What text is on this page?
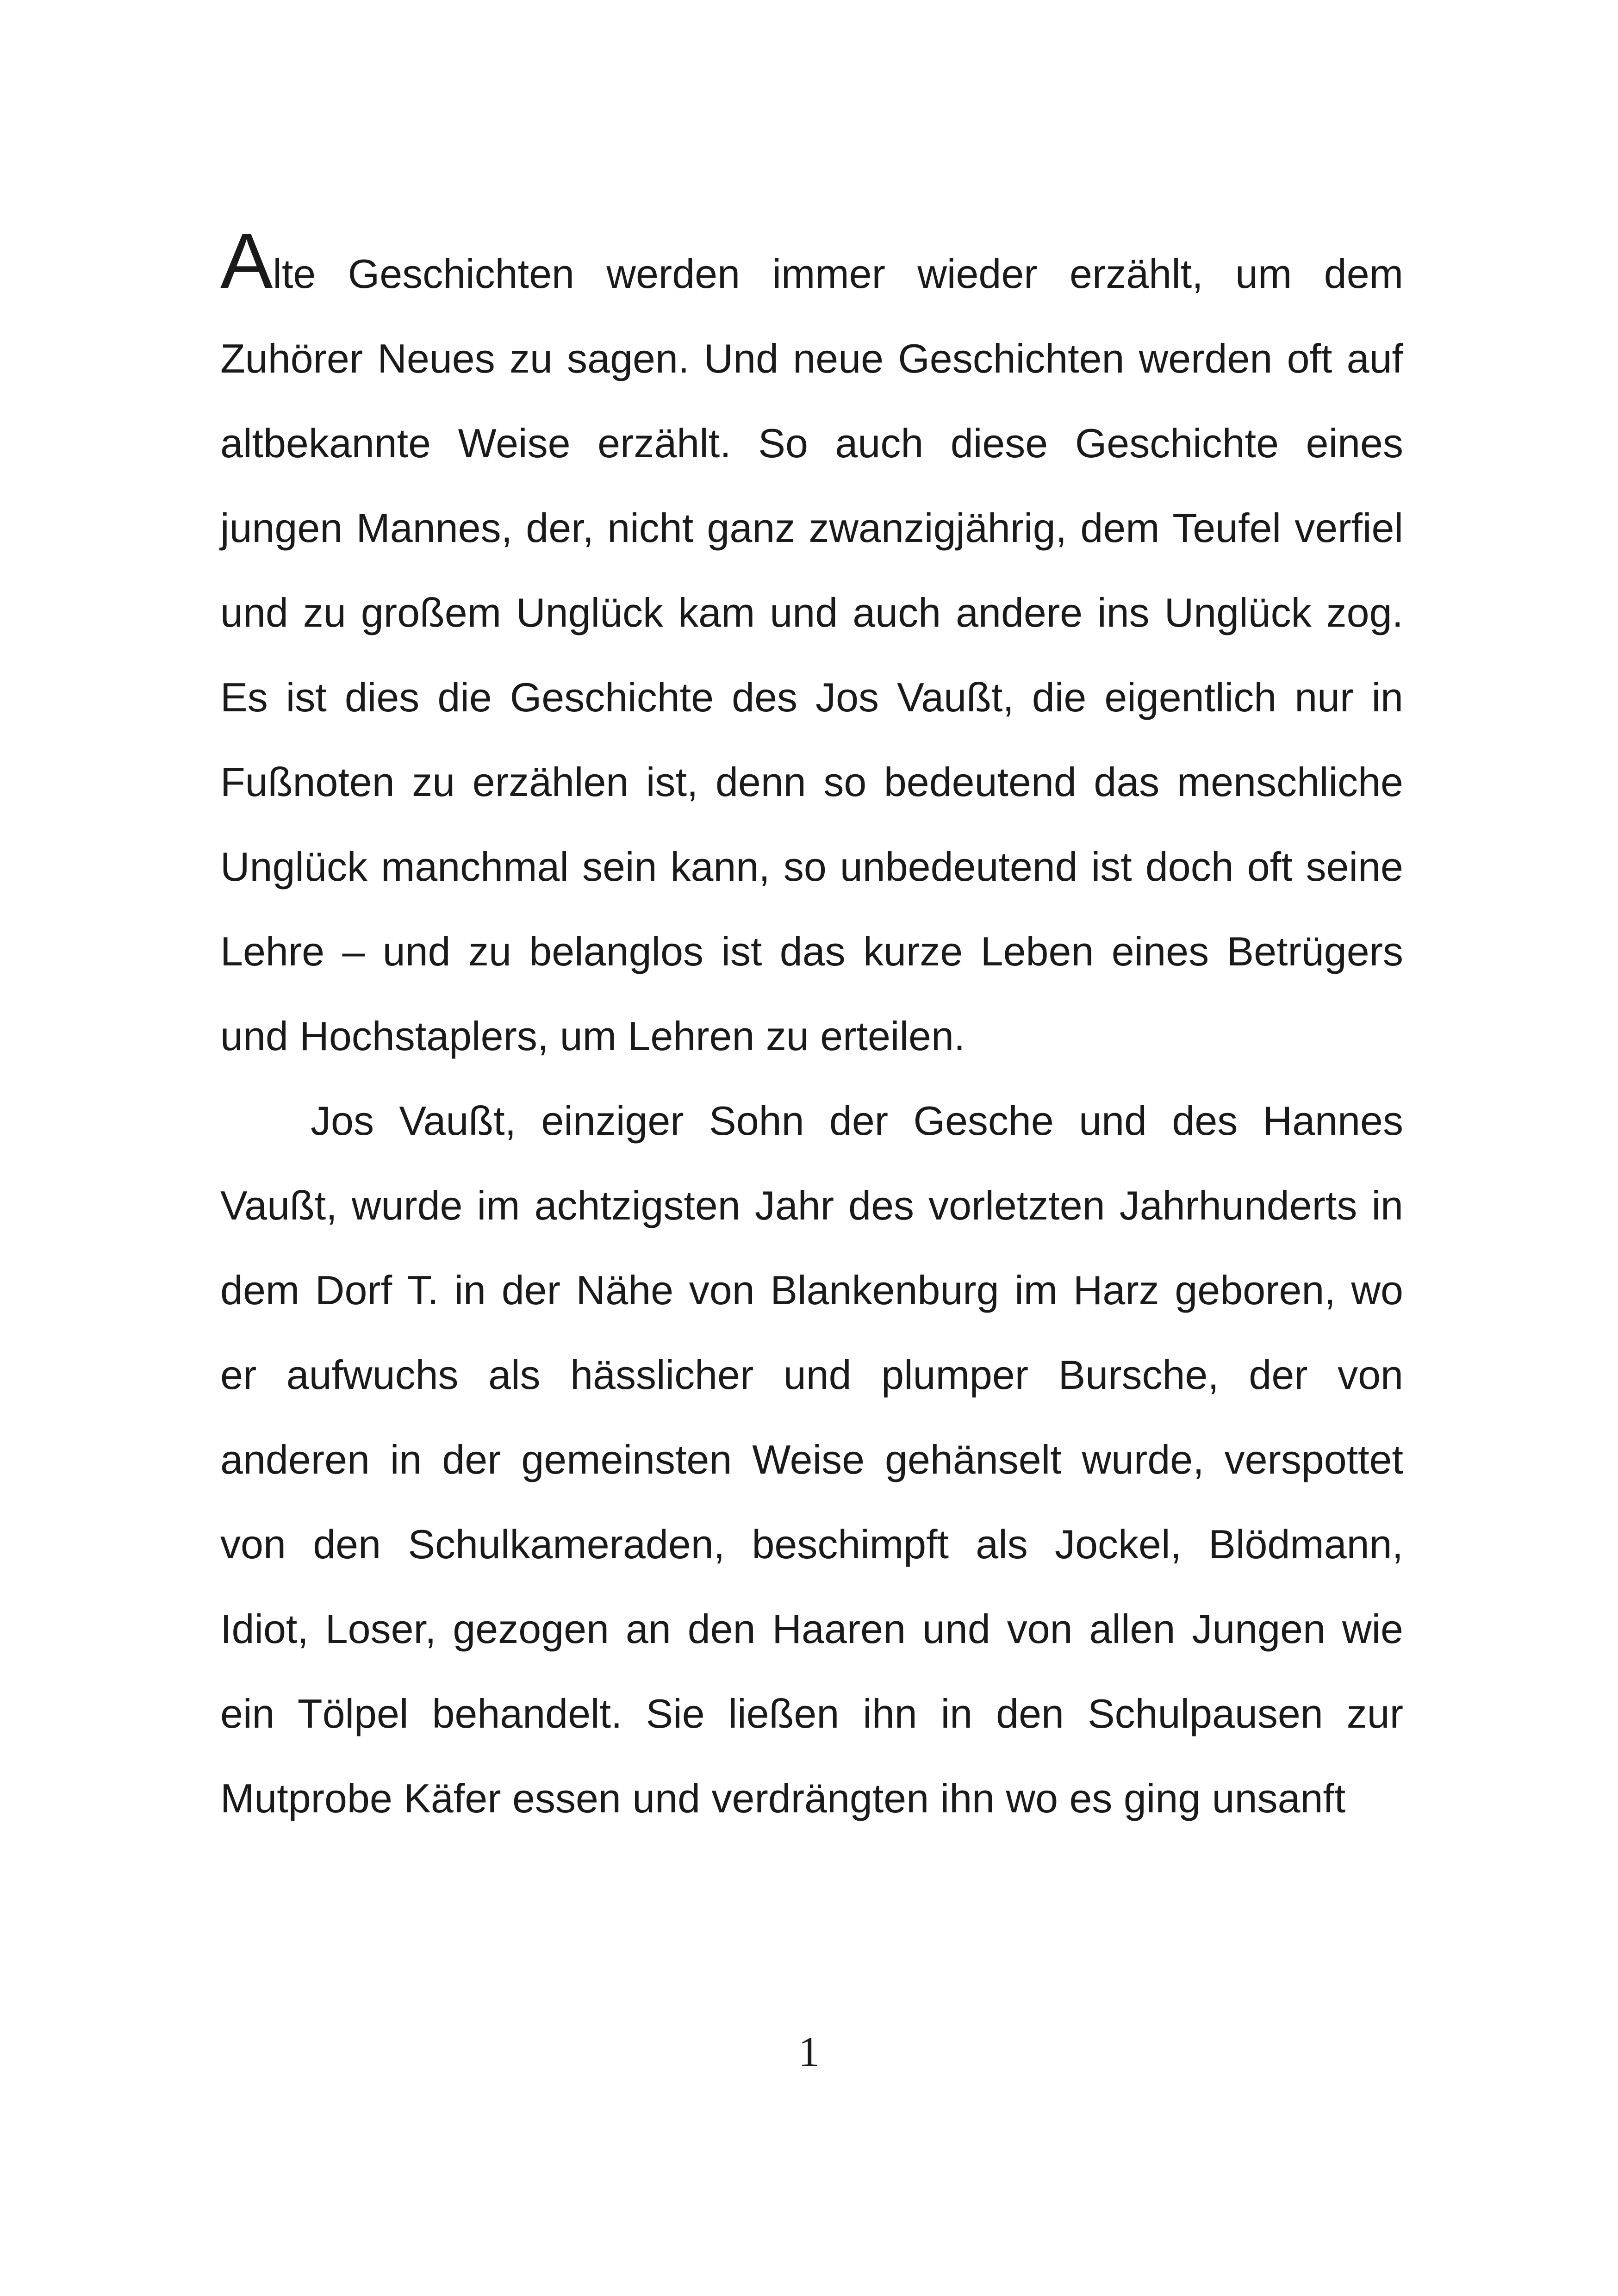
Alte Geschichten werden immer wieder erzählt, um dem Zuhörer Neues zu sagen. Und neue Geschichten werden oft auf altbekannte Weise erzählt. So auch diese Geschichte eines jungen Mannes, der, nicht ganz zwanzigjährig, dem Teufel verfiel und zu großem Unglück kam und auch andere ins Unglück zog. Es ist dies die Geschichte des Jos Vaußt, die eigentlich nur in Fußnoten zu erzählen ist, denn so bedeutend das menschliche Unglück manchmal sein kann, so unbedeutend ist doch oft seine Lehre – und zu belanglos ist das kurze Leben eines Betrügers und Hochstaplers, um Lehren zu erteilen.

Jos Vaußt, einziger Sohn der Gesche und des Hannes Vaußt, wurde im achtzigsten Jahr des vorletzten Jahrhunderts in dem Dorf T. in der Nähe von Blankenburg im Harz geboren, wo er aufwuchs als hässlicher und plumper Bursche, der von anderen in der gemeinsten Weise gehänselt wurde, verspottet von den Schulkameraden, beschimpft als Jockel, Blödmann, Idiot, Loser, gezogen an den Haaren und von allen Jungen wie ein Tölpel behandelt. Sie ließen ihn in den Schulpausen zur Mutprobe Käfer essen und verdrängten ihn wo es ging unsanft

1
